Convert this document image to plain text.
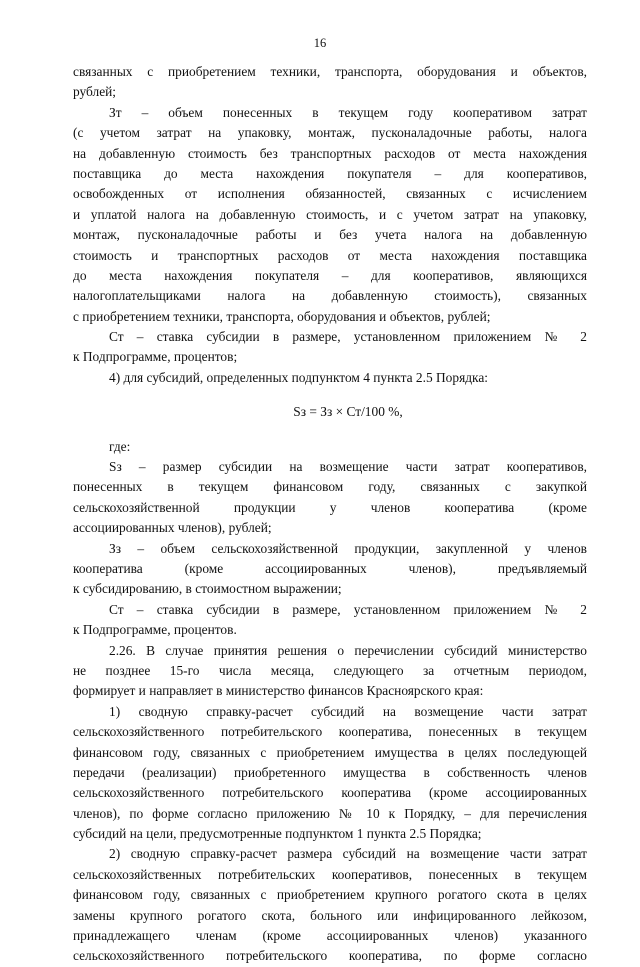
16
связанных с приобретением техники, транспорта, оборудования и объектов,
рублей;
Зт – объем понесенных в текущем году кооперативом затрат
(с учетом затрат на упаковку, монтаж, пусконаладочные работы, налога
на добавленную стоимость без транспортных расходов от места нахождения
поставщика до места нахождения покупателя – для кооперативов,
освобожденных от исполнения обязанностей, связанных с исчислением
и уплатой налога на добавленную стоимость, и с учетом затрат на упаковку,
монтаж, пусконаладочные работы и без учета налога на добавленную
стоимость и транспортных расходов от места нахождения поставщика
до места нахождения покупателя – для кооперативов, являющихся
налогоплательщиками налога на добавленную стоимость), связанных
с приобретением техники, транспорта, оборудования и объектов, рублей;
Ст – ставка субсидии в размере, установленном приложением № 2
к Подпрограмме, процентов;
4) для субсидий, определенных подпунктом 4 пункта 2.5 Порядка:
Sз = Зз × Ст/100 %,
где:
Sз – размер субсидии на возмещение части затрат кооперативов,
понесенных в текущем финансовом году, связанных с закупкой
сельскохозяйственной продукции у членов кооператива (кроме
ассоциированных членов), рублей;
Зз – объем сельскохозяйственной продукции, закупленной у членов
кооператива (кроме ассоциированных членов), предъявляемый
к субсидированию, в стоимостном выражении;
Ст – ставка субсидии в размере, установленном приложением № 2
к Подпрограмме, процентов.
2.26. В случае принятия решения о перечислении субсидий министерство
не позднее 15-го числа месяца, следующего за отчетным периодом,
формирует и направляет в министерство финансов Красноярского края:
1) сводную справку-расчет субсидий на возмещение части затрат
сельскохозяйственного потребительского кооператива, понесенных в текущем
финансовом году, связанных с приобретением имущества в целях последующей
передачи (реализации) приобретенного имущества в собственность членов
сельскохозяйственного потребительского кооператива (кроме ассоциированных
членов), по форме согласно приложению № 10 к Порядку, – для перечисления
субсидий на цели, предусмотренные подпунктом 1 пункта 2.5 Порядка;
2) сводную справку-расчет размера субсидий на возмещение части затрат
сельскохозяйственных потребительских кооперативов, понесенных в текущем
финансовом году, связанных с приобретением крупного рогатого скота в целях
замены крупного рогатого скота, больного или инфицированного лейкозом,
принадлежащего членам (кроме ассоциированных членов) указанного
сельскохозяйственного потребительского кооператива, по форме согласно
